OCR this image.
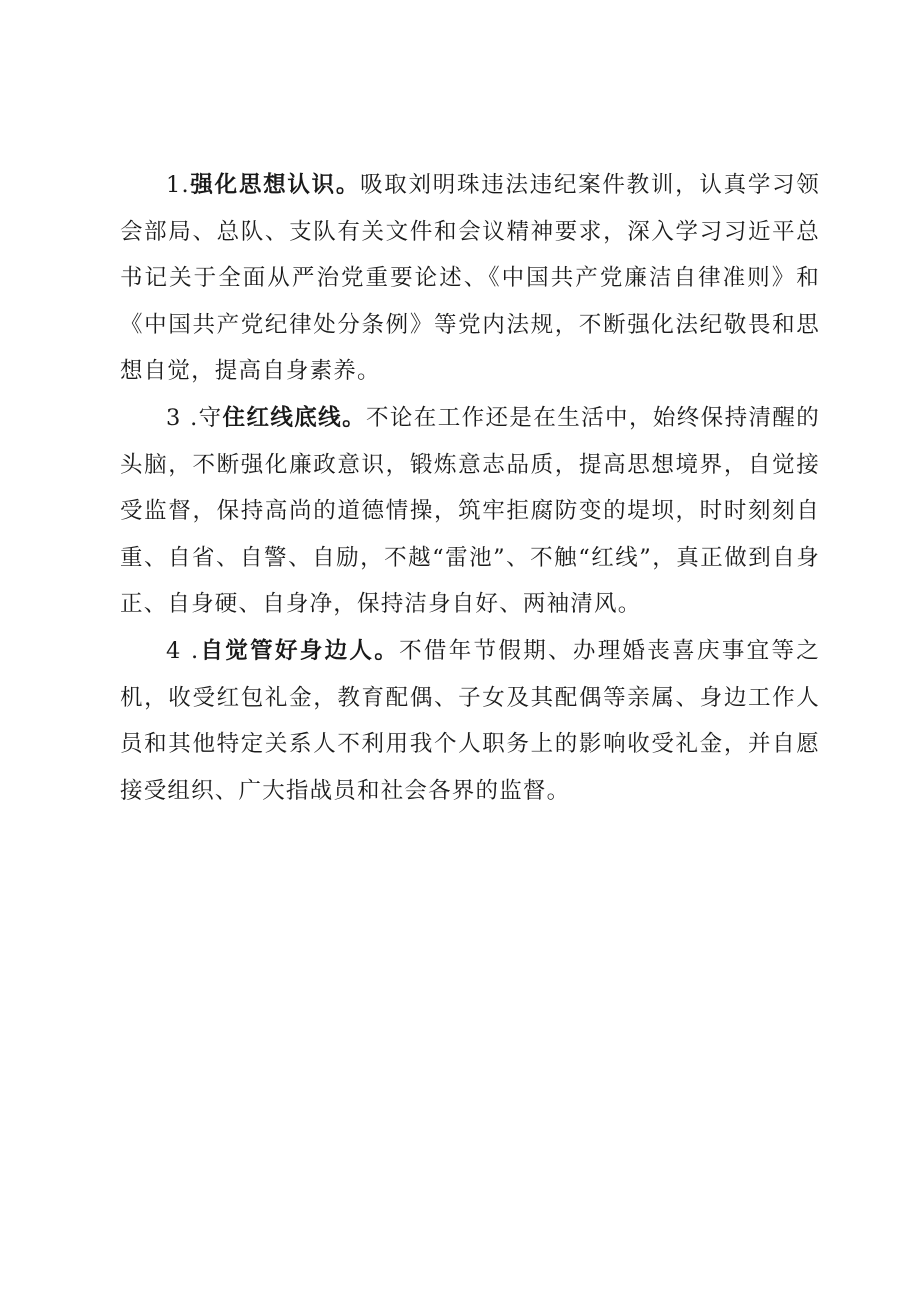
1.强化思想认识。吸取刘明珠违法违纪案件教训，认真学习领会部局、总队、支队有关文件和会议精神要求，深入学习习近平总书记关于全面从严治党重要论述、《中国共产党廉洁自律准则》和《中国共产党纪律处分条例》等党内法规，不断强化法纪敬畏和思想自觉，提高自身素养。

3 .守住红线底线。不论在工作还是在生活中，始终保持清醒的头脑，不断强化廉政意识，锻炼意志品质，提高思想境界，自觉接受监督，保持高尚的道德情操，筑牢拒腐防变的堤坝，时时刻刻自重、自省、自警、自励，不越“雷池”、不触“红线”，真正做到自身正、自身硬、自身净，保持洁身自好、两袖清风。

4 .自觉管好身边人。不借年节假期、办理婚丧喜庆事宜等之机，收受红包礼金，教育配偶、子女及其配偶等亲属、身边工作人员和其他特定关系人不利用我个人职务上的影响收受礼金，并自愿接受组织、广大指战员和社会各界的监督。
